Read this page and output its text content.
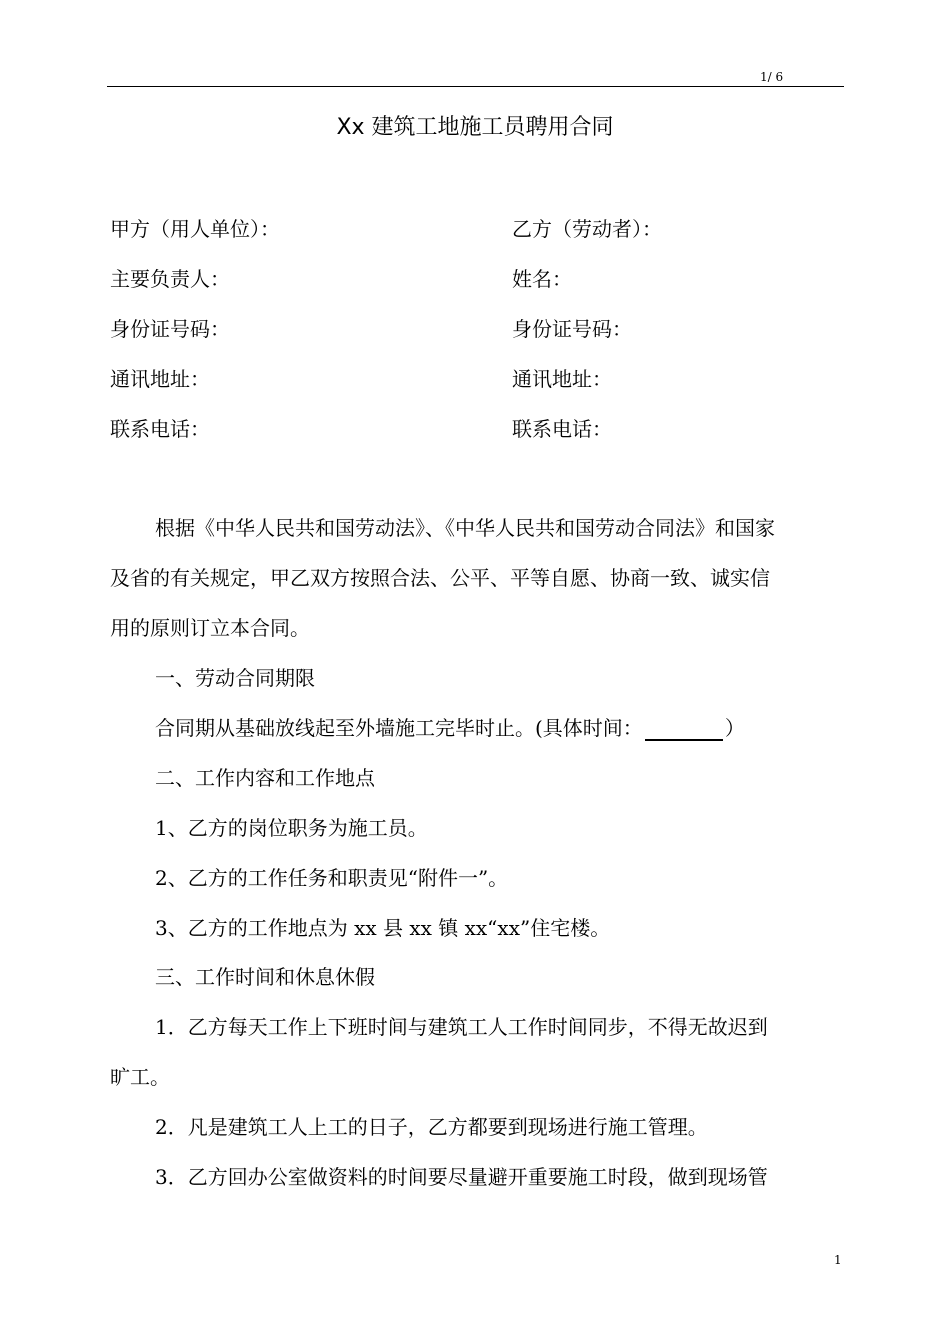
1/ 6
Xx 建筑工地施工员聘用合同
甲方（用人单位）：
主要负责人：
身份证号码：
通讯地址：
联系电话：
乙方（劳动者）：
姓名：
身份证号码：
通讯地址：
联系电话：
根据《中华人民共和国劳动法》、《中华人民共和国劳动合同法》和国家
及省的有关规定，甲乙双方按照合法、公平、平等自愿、协商一致、诚实信
用的原则订立本合同。
一、劳动合同期限
合同期从基础放线起至外墙施工完毕时止。(具体时间：	）
二、工作内容和工作地点
1、乙方的岗位职务为施工员。
2、乙方的工作任务和职责见“附件一”。
3、乙方的工作地点为 xx 县 xx 镇 xx“xx”住宅楼。
三、工作时间和休息休假
1．乙方每天工作上下班时间与建筑工人工作时间同步，不得无故迟到
旷工。
2．凡是建筑工人上工的日子，乙方都要到现场进行施工管理。
3．乙方回办公室做资料的时间要尽量避开重要施工时段，做到现场管
1
